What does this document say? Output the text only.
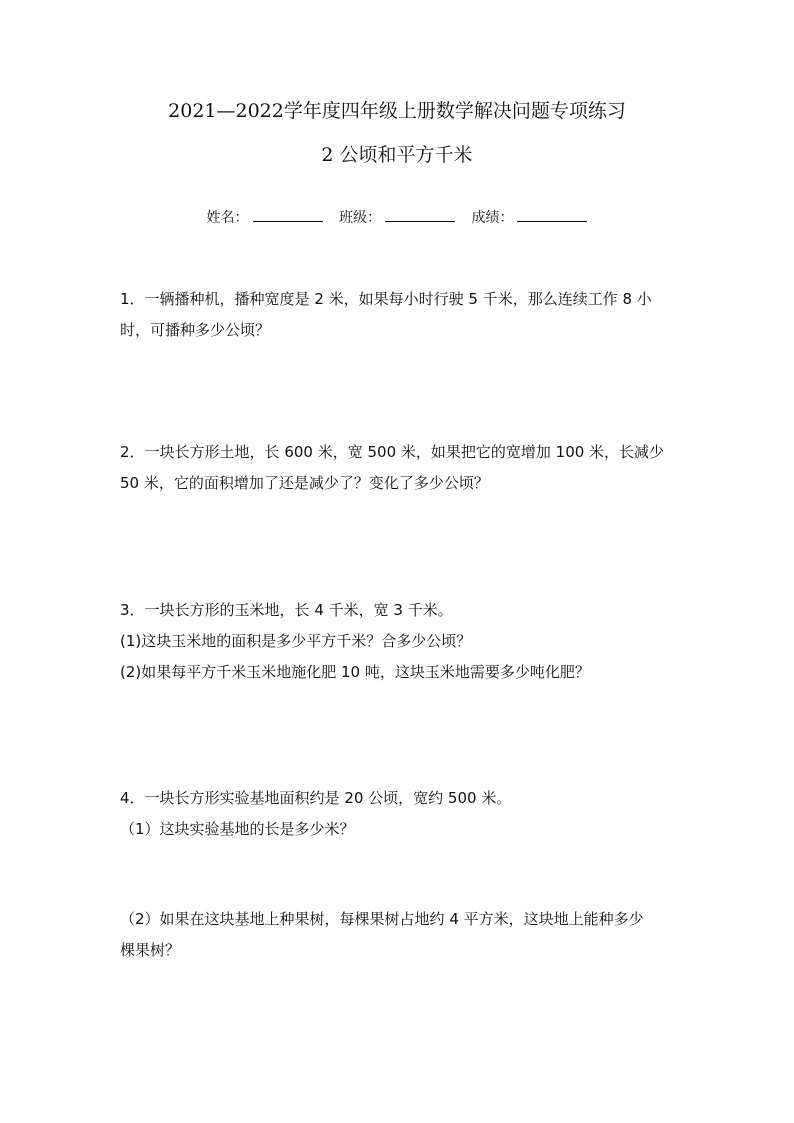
2021—2022学年度四年级上册数学解决问题专项练习
2 公顷和平方千米
姓名：	班级：	成绩：

1．一辆播种机，播种宽度是 2 米，如果每小时行驶 5 千米，那么连续工作 8 小

时，可播种多少公顷？

2．一块长方形土地，长 600 米，宽 500 米，如果把它的宽增加 100 米，长减少

50 米，它的面积增加了还是减少了？变化了多少公顷？

3．一块长方形的玉米地，长 4 千米，宽 3 千米。

(1)这块玉米地的面积是多少平方千米？合多少公顷？

(2)如果每平方千米玉米地施化肥 10 吨，这块玉米地需要多少吨化肥？

4．一块长方形实验基地面积约是 20 公顷，宽约 500 米。

（1）这块实验基地的长是多少米？

（2）如果在这块基地上种果树，每棵果树占地约 4 平方米，这块地上能种多少

棵果树？
